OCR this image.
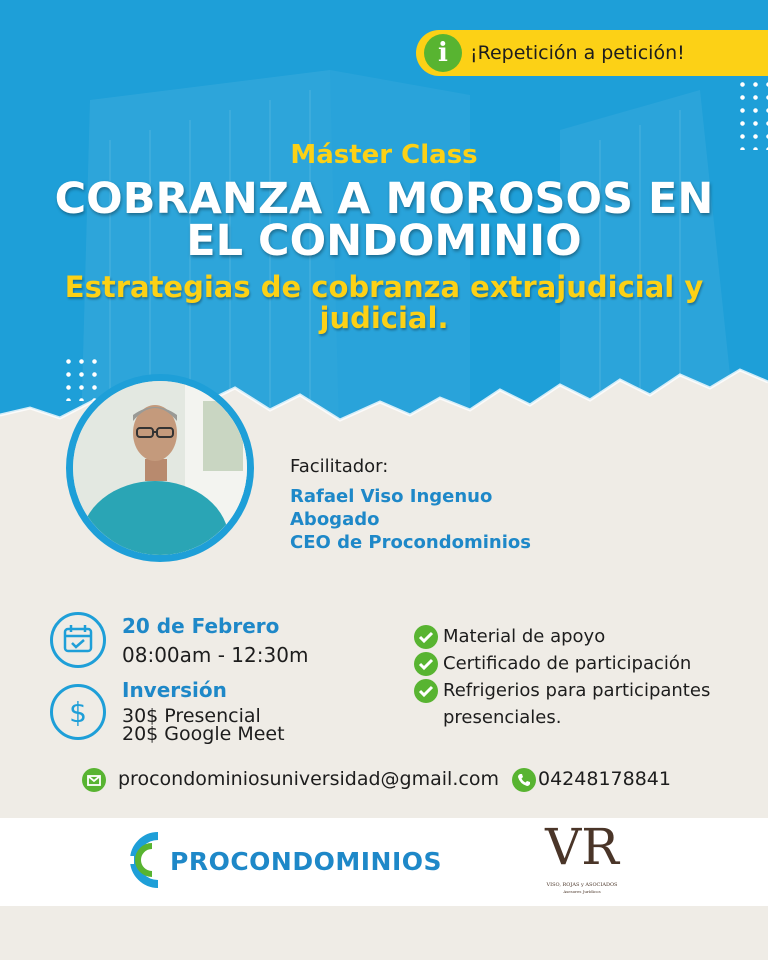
i	¡Repetición a petición!
Máster Class
COBRANZA A MOROSOS EN
EL CONDOMINIO
Estrategias de cobranza extrajudicial y
judicial.
Facilitador:
Rafael Viso Ingenuo
Abogado
CEO de Procondominios
20 de Febrero
08:00am - 12:30m
$
Inversión
30$ Presencial
20$ Google Meet
Material de apoyo
Certificado de participación
Refrigerios para participantes
presenciales.
procondominiosuniversidad@gmail.com 04248178841
PROCONDOMINIOS VR
VISO, ROJAS y ASOCIADOS
Asesores Jurídicos
